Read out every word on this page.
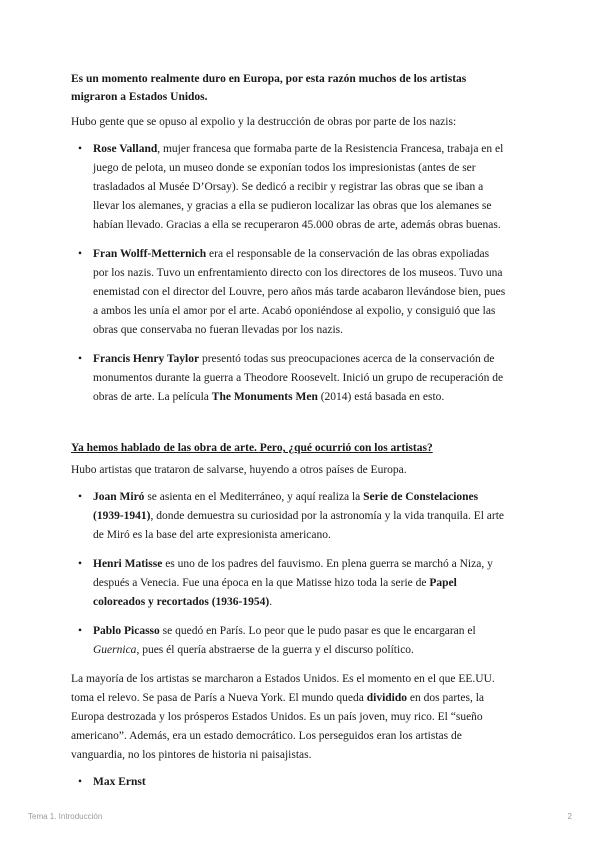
Es un momento realmente duro en Europa, por esta razón muchos de los artistas
migraron a Estados Unidos.

Hubo gente que se opuso al expolio y la destrucción de obras por parte de los nazis:

• Rose Valland, mujer francesa que formaba parte de la Resistencia Francesa, trabaja en el
juego de pelota, un museo donde se exponían todos los impresionistas (antes de ser
trasladados al Musée D’Orsay). Se dedicó a recibir y registrar las obras que se iban a
llevar los alemanes, y gracias a ella se pudieron localizar las obras que los alemanes se
habían llevado. Gracias a ella se recuperaron 45.000 obras de arte, además obras buenas.
• Fran Wolff-Metternich era el responsable de la conservación de las obras expoliadas
por los nazis. Tuvo un enfrentamiento directo con los directores de los museos. Tuvo una
enemistad con el director del Louvre, pero años más tarde acabaron llevándose bien, pues
a ambos les unía el amor por el arte. Acabó oponiéndose al expolio, y consiguió que las
obras que conservaba no fueran llevadas por los nazis.
• Francis Henry Taylor presentó todas sus preocupaciones acerca de la conservación de
monumentos durante la guerra a Theodore Roosevelt. Inició un grupo de recuperación de
obras de arte. La película The Monuments Men (2014) está basada en esto.

Ya hemos hablado de las obra de arte. Pero, ¿qué ocurrió con los artistas?

Hubo artistas que trataron de salvarse, huyendo a otros países de Europa.

• Joan Miró se asienta en el Mediterráneo, y aquí realiza la Serie de Constelaciones
(1939-1941), donde demuestra su curiosidad por la astronomía y la vida tranquila. El arte
de Miró es la base del arte expresionista americano.
• Henri Matisse es uno de los padres del fauvismo. En plena guerra se marchó a Niza, y
después a Venecia. Fue una época en la que Matisse hizo toda la serie de Papel
coloreados y recortados (1936-1954).
• Pablo Picasso se quedó en París. Lo peor que le pudo pasar es que le encargaran el
Guernica, pues él quería abstraerse de la guerra y el discurso político.

La mayoría de los artistas se marcharon a Estados Unidos. Es el momento en el que EE.UU.
toma el relevo. Se pasa de París a Nueva York. El mundo queda dividido en dos partes, la
Europa destrozada y los prósperos Estados Unidos. Es un país joven, muy rico. El “sueño
americano”. Además, era un estado democrático. Los perseguidos eran los artistas de
vanguardia, no los pintores de historia ni paisajistas.

• Max Ernst
Tema 1. Introducción	2
